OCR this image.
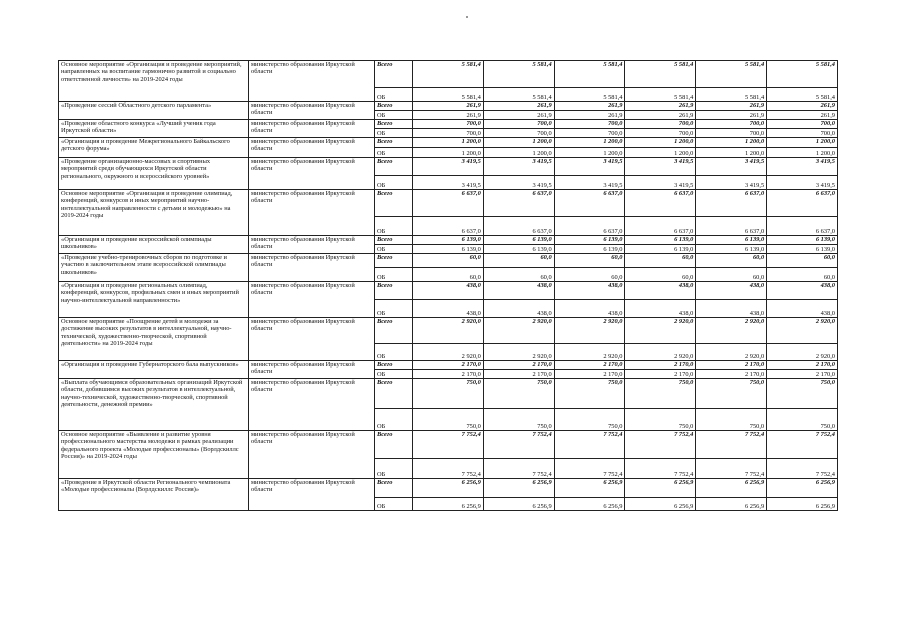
Основное мероприятие «Организация и проведение мероприятий, направленных на воспитание гармонично развитой и социально ответственной личности» на 2019-2024 годы	министерство образования Иркутской области	Всего	5 581,4	5 581,4	5 581,4	5 581,4	5 581,4	5 581,4
		ОБ	5 581,4	5 581,4	5 581,4	5 581,4	5 581,4	5 581,4
«Проведение сессий Областного детского парламента»	министерство образования Иркутской области	Всего	261,9	261,9	261,9	261,9	261,9	261,9
		ОБ	261,9	261,9	261,9	261,9	261,9	261,9
«Проведение областного конкурса «Лучший ученик года Иркутской области»	министерство образования Иркутской области	Всего	700,0	700,0	700,0	700,0	700,0	700,0
		ОБ	700,0	700,0	700,0	700,0	700,0	700,0
«Организация и проведение Межрегионального Байкальского детского форума»	министерство образования Иркутской области	Всего	1 200,0	1 200,0	1 200,0	1 200,0	1 200,0	1 200,0
		ОБ	1 200,0	1 200,0	1 200,0	1 200,0	1 200,0	1 200,0
«Проведение организационно-массовых и спортивных мероприятий среди обучающихся Иркутской области регионального, окружного и всероссийского уровней»	министерство образования Иркутской области	Всего	3 419,5	3 419,5	3 419,5	3 419,5	3 419,5	3 419,5
		ОБ	3 419,5	3 419,5	3 419,5	3 419,5	3 419,5	3 419,5
Основное мероприятие «Организация и проведение олимпиад, конференций, конкурсов и иных мероприятий научно-интеллектуальной направленности с детьми и молодежью» на 2019-2024 годы	министерство образования Иркутской области	Всего	6 637,0	6 637,0	6 637,0	6 637,0	6 637,0	6 637,0
		ОБ	6 637,0	6 637,0	6 637,0	6 637,0	6 637,0	6 637,0
«Организация и проведение всероссийской олимпиады школьников»	министерство образования Иркутской области	Всего	6 139,0	6 139,0	6 139,0	6 139,0	6 139,0	6 139,0
		ОБ	6 139,0	6 139,0	6 139,0	6 139,0	6 139,0	6 139,0
«Проведение учебно-тренировочных сборов по подготовке и участию в заключительном этапе всероссийской олимпиады школьников»	министерство образования Иркутской области	Всего	60,0	60,0	60,0	60,0	60,0	60,0
		ОБ	60,0	60,0	60,0	60,0	60,0	60,0
«Организация и проведение региональных олимпиад, конференций, конкурсов, профильных смен и иных мероприятий научно-интеллектуальной направленности»	министерство образования Иркутской области	Всего	438,0	438,0	438,0	438,0	438,0	438,0
		ОБ	438,0	438,0	438,0	438,0	438,0	438,0
Основное мероприятие «Поощрение детей и молодежи за достижение высоких результатов в интеллектуальной, научно-технической, художественно-творческой, спортивной деятельности» на 2019-2024 годы	министерство образования Иркутской области	Всего	2 920,0	2 920,0	2 920,0	2 920,0	2 920,0	2 920,0
		ОБ	2 920,0	2 920,0	2 920,0	2 920,0	2 920,0	2 920,0
«Организация и проведение Губернаторского бала выпускников»	министерство образования Иркутской области	Всего	2 170,0	2 170,0	2 170,0	2 170,0	2 170,0	2 170,0
		ОБ	2 170,0	2 170,0	2 170,0	2 170,0	2 170,0	2 170,0
«Выплата обучающимся образовательных организаций Иркутской области, добившимся высоких результатов в интеллектуальной, научно-технической, художественно-творческой, спортивной деятельности, денежной премии»	министерство образования Иркутской области	Всего	750,0	750,0	750,0	750,0	750,0	750,0
		ОБ	750,0	750,0	750,0	750,0	750,0	750,0
Основное мероприятие «Выявление и развитие уровня профессионального мастерства молодежи в рамках реализации федерального проекта «Молодые профессионалы» (Ворлдскиллс Россия)» на 2019-2024 годы	министерство образования Иркутской области	Всего	7 752,4	7 752,4	7 752,4	7 752,4	7 752,4	7 752,4
		ОБ	7 752,4	7 752,4	7 752,4	7 752,4	7 752,4	7 752,4
«Проведение в Иркутской области Регионального чемпионата «Молодые профессионалы (Ворлдскиллс Россия)»	министерство образования Иркутской области	Всего	6 256,9	6 256,9	6 256,9	6 256,9	6 256,9	6 256,9
		ОБ	6 256,9	6 256,9	6 256,9	6 256,9	6 256,9	6 256,9
